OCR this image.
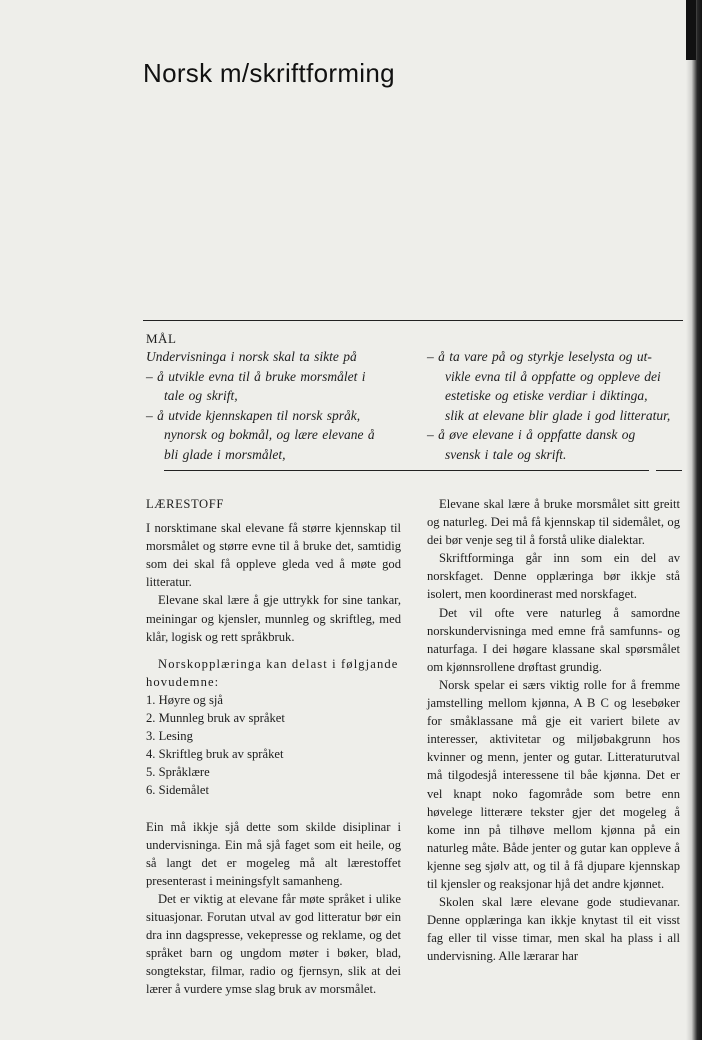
Norsk m/skriftforming
MÅL
Undervisninga i norsk skal ta sikte på
– å utvikle evna til å bruke morsmålet i
tale og skrift,
– å utvide kjennskapen til norsk språk,
nynorsk og bokmål, og lære elevane å
bli glade i morsmålet,
– å ta vare på og styrkje leselysta og ut-
vikle evna til å oppfatte og oppleve dei
estetiske og etiske verdiar i diktinga,
slik at elevane blir glade i god litteratur,
– å øve elevane i å oppfatte dansk og
svensk i tale og skrift.
LÆRESTOFF

I norsktimane skal elevane få større kjennskap til morsmålet og større evne til å bruke det, samtidig som dei skal få oppleve gleda ved å møte god litteratur.

Elevane skal lære å gje uttrykk for sine tankar, meiningar og kjensler, munnleg og skriftleg, med klår, logisk og rett språkbruk.

Norskopplæringa kan delast i følgjande hovudemne:

1. Høyre og sjå
2. Munnleg bruk av språket
3. Lesing
4. Skriftleg bruk av språket
5. Språklære
6. Sidemålet

Ein må ikkje sjå dette som skilde disiplinar i undervisninga. Ein må sjå faget som eit heile, og så langt det er mogeleg må alt lærestoffet presenterast i meiningsfylt samanheng.

Det er viktig at elevane får møte språket i ulike situasjonar. Forutan utval av god litteratur bør ein dra inn dagspresse, vekepresse og reklame, og det språket barn og ungdom møter i bøker, blad, songtekstar, filmar, radio og fjernsyn, slik at dei lærer å vurdere ymse slag bruk av morsmålet.

Elevane skal lære å bruke morsmålet sitt greitt og naturleg. Dei må få kjennskap til sidemålet, og dei bør venje seg til å forstå ulike dialektar.

Skriftforminga går inn som ein del av norskfaget. Denne opplæringa bør ikkje stå isolert, men koordinerast med norskfaget.

Det vil ofte vere naturleg å samordne norskundervisninga med emne frå samfunns- og naturfaga. I dei høgare klassane skal spørsmålet om kjønnsrollene drøftast grundig.

Norsk spelar ei særs viktig rolle for å fremme jamstelling mellom kjønna, A B C og lesebøker for småklassane må gje eit variert bilete av interesser, aktivitetar og miljøbakgrunn hos kvinner og menn, jenter og gutar. Litteraturutval må tilgodesjå interessene til båe kjønna. Det er vel knapt noko fagområde som betre enn høvelege litterære tekster gjer det mogeleg å kome inn på tilhøve mellom kjønna på ein naturleg måte. Både jenter og gutar kan oppleve å kjenne seg sjølv att, og til å få djupare kjennskap til kjensler og reaksjonar hjå det andre kjønnet.

Skolen skal lære elevane gode studievanar. Denne opplæringa kan ikkje knytast til eit visst fag eller til visse timar, men skal ha plass i all undervisning. Alle lærarar har
